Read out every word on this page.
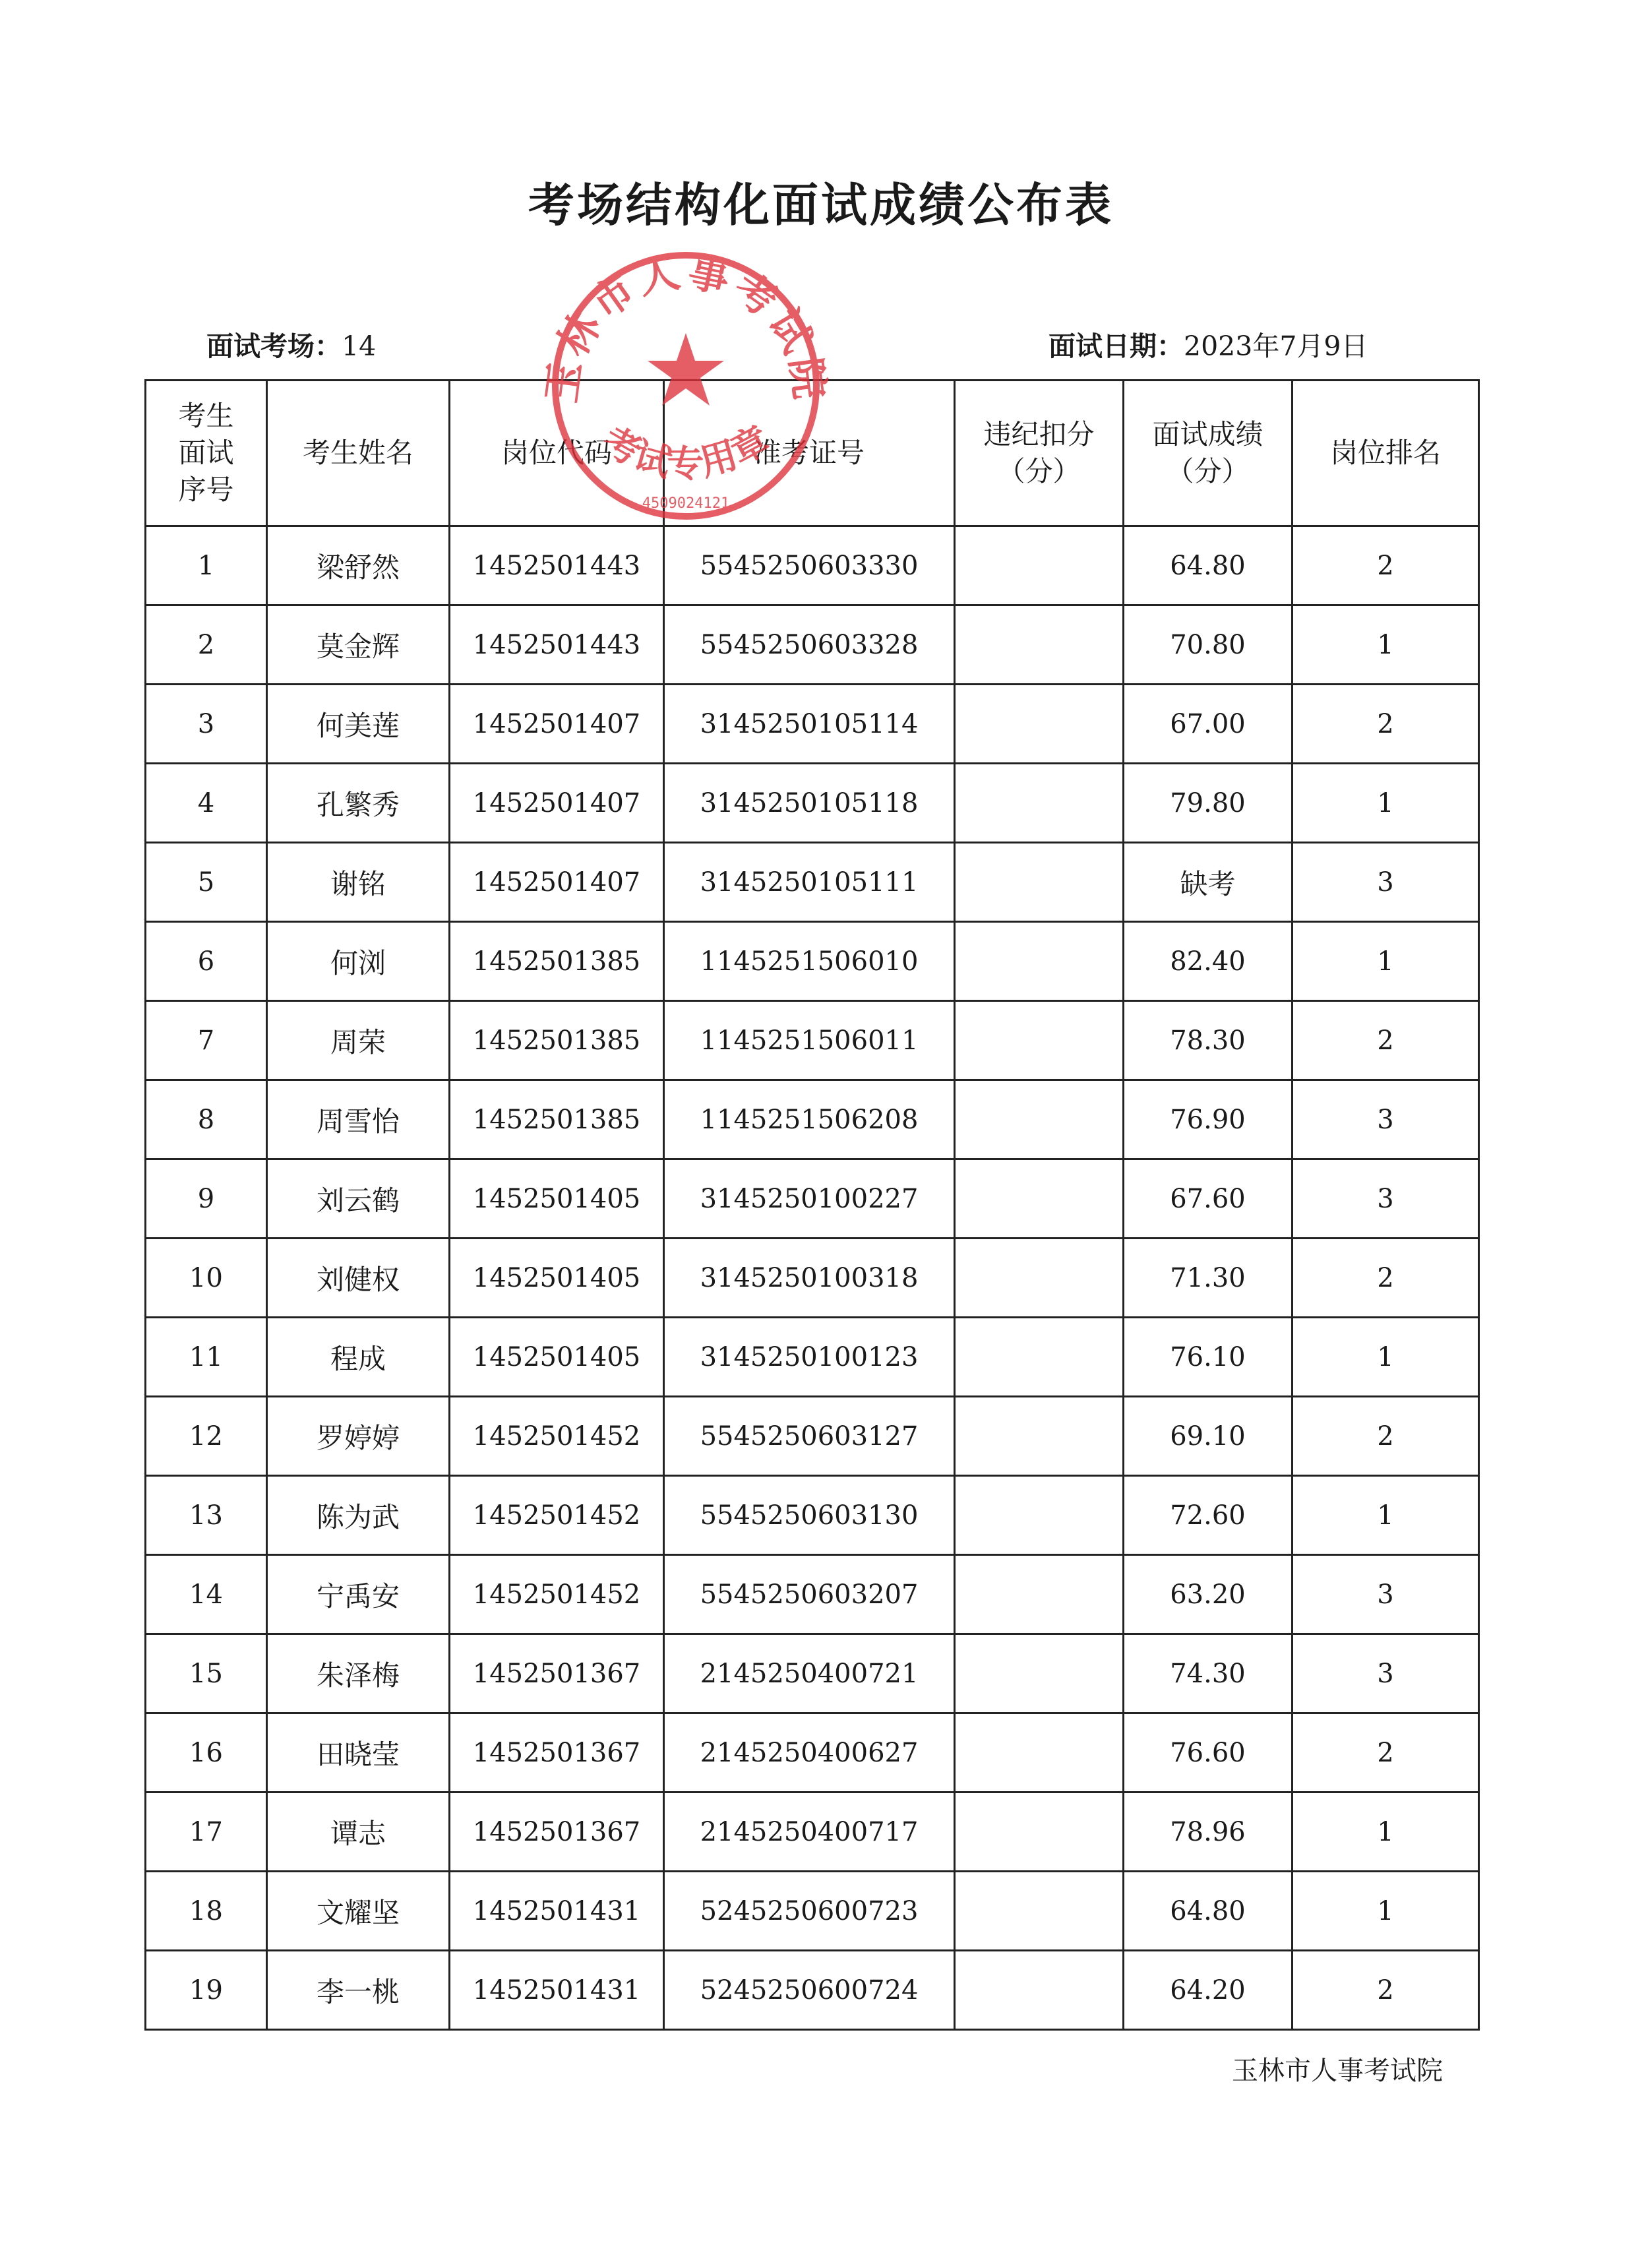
考场结构化面试成绩公布表
面试考场：14	面试日期：2023年7月9日
考生面试序号	考生姓名	岗位代码	准考证号	违纪扣分（分）	面试成绩（分）	岗位排名
1	梁舒然	1452501443	5545250603330		64.80	2
2	莫金辉	1452501443	5545250603328		70.80	1
3	何美莲	1452501407	3145250105114		67.00	2
4	孔繁秀	1452501407	3145250105118		79.80	1
5	谢铭	1452501407	3145250105111		缺考	3
6	何浏	1452501385	1145251506010		82.40	1
7	周荣	1452501385	1145251506011		78.30	2
8	周雪怡	1452501385	1145251506208		76.90	3
9	刘云鹤	1452501405	3145250100227		67.60	3
10	刘健权	1452501405	3145250100318		71.30	2
11	程成	1452501405	3145250100123		76.10	1
12	罗婷婷	1452501452	5545250603127		69.10	2
13	陈为武	1452501452	5545250603130		72.60	1
14	宁禹安	1452501452	5545250603207		63.20	3
15	朱泽梅	1452501367	2145250400721		74.30	3
16	田晓莹	1452501367	2145250400627		76.60	2
17	谭志	1452501367	2145250400717		78.96	1
18	文耀坚	1452501431	5245250600723		64.80	1
19	李一桃	1452501431	5245250600724		64.20	2
玉林市人事考试院
玉林市人事考试院
考试专用章
4509024121
